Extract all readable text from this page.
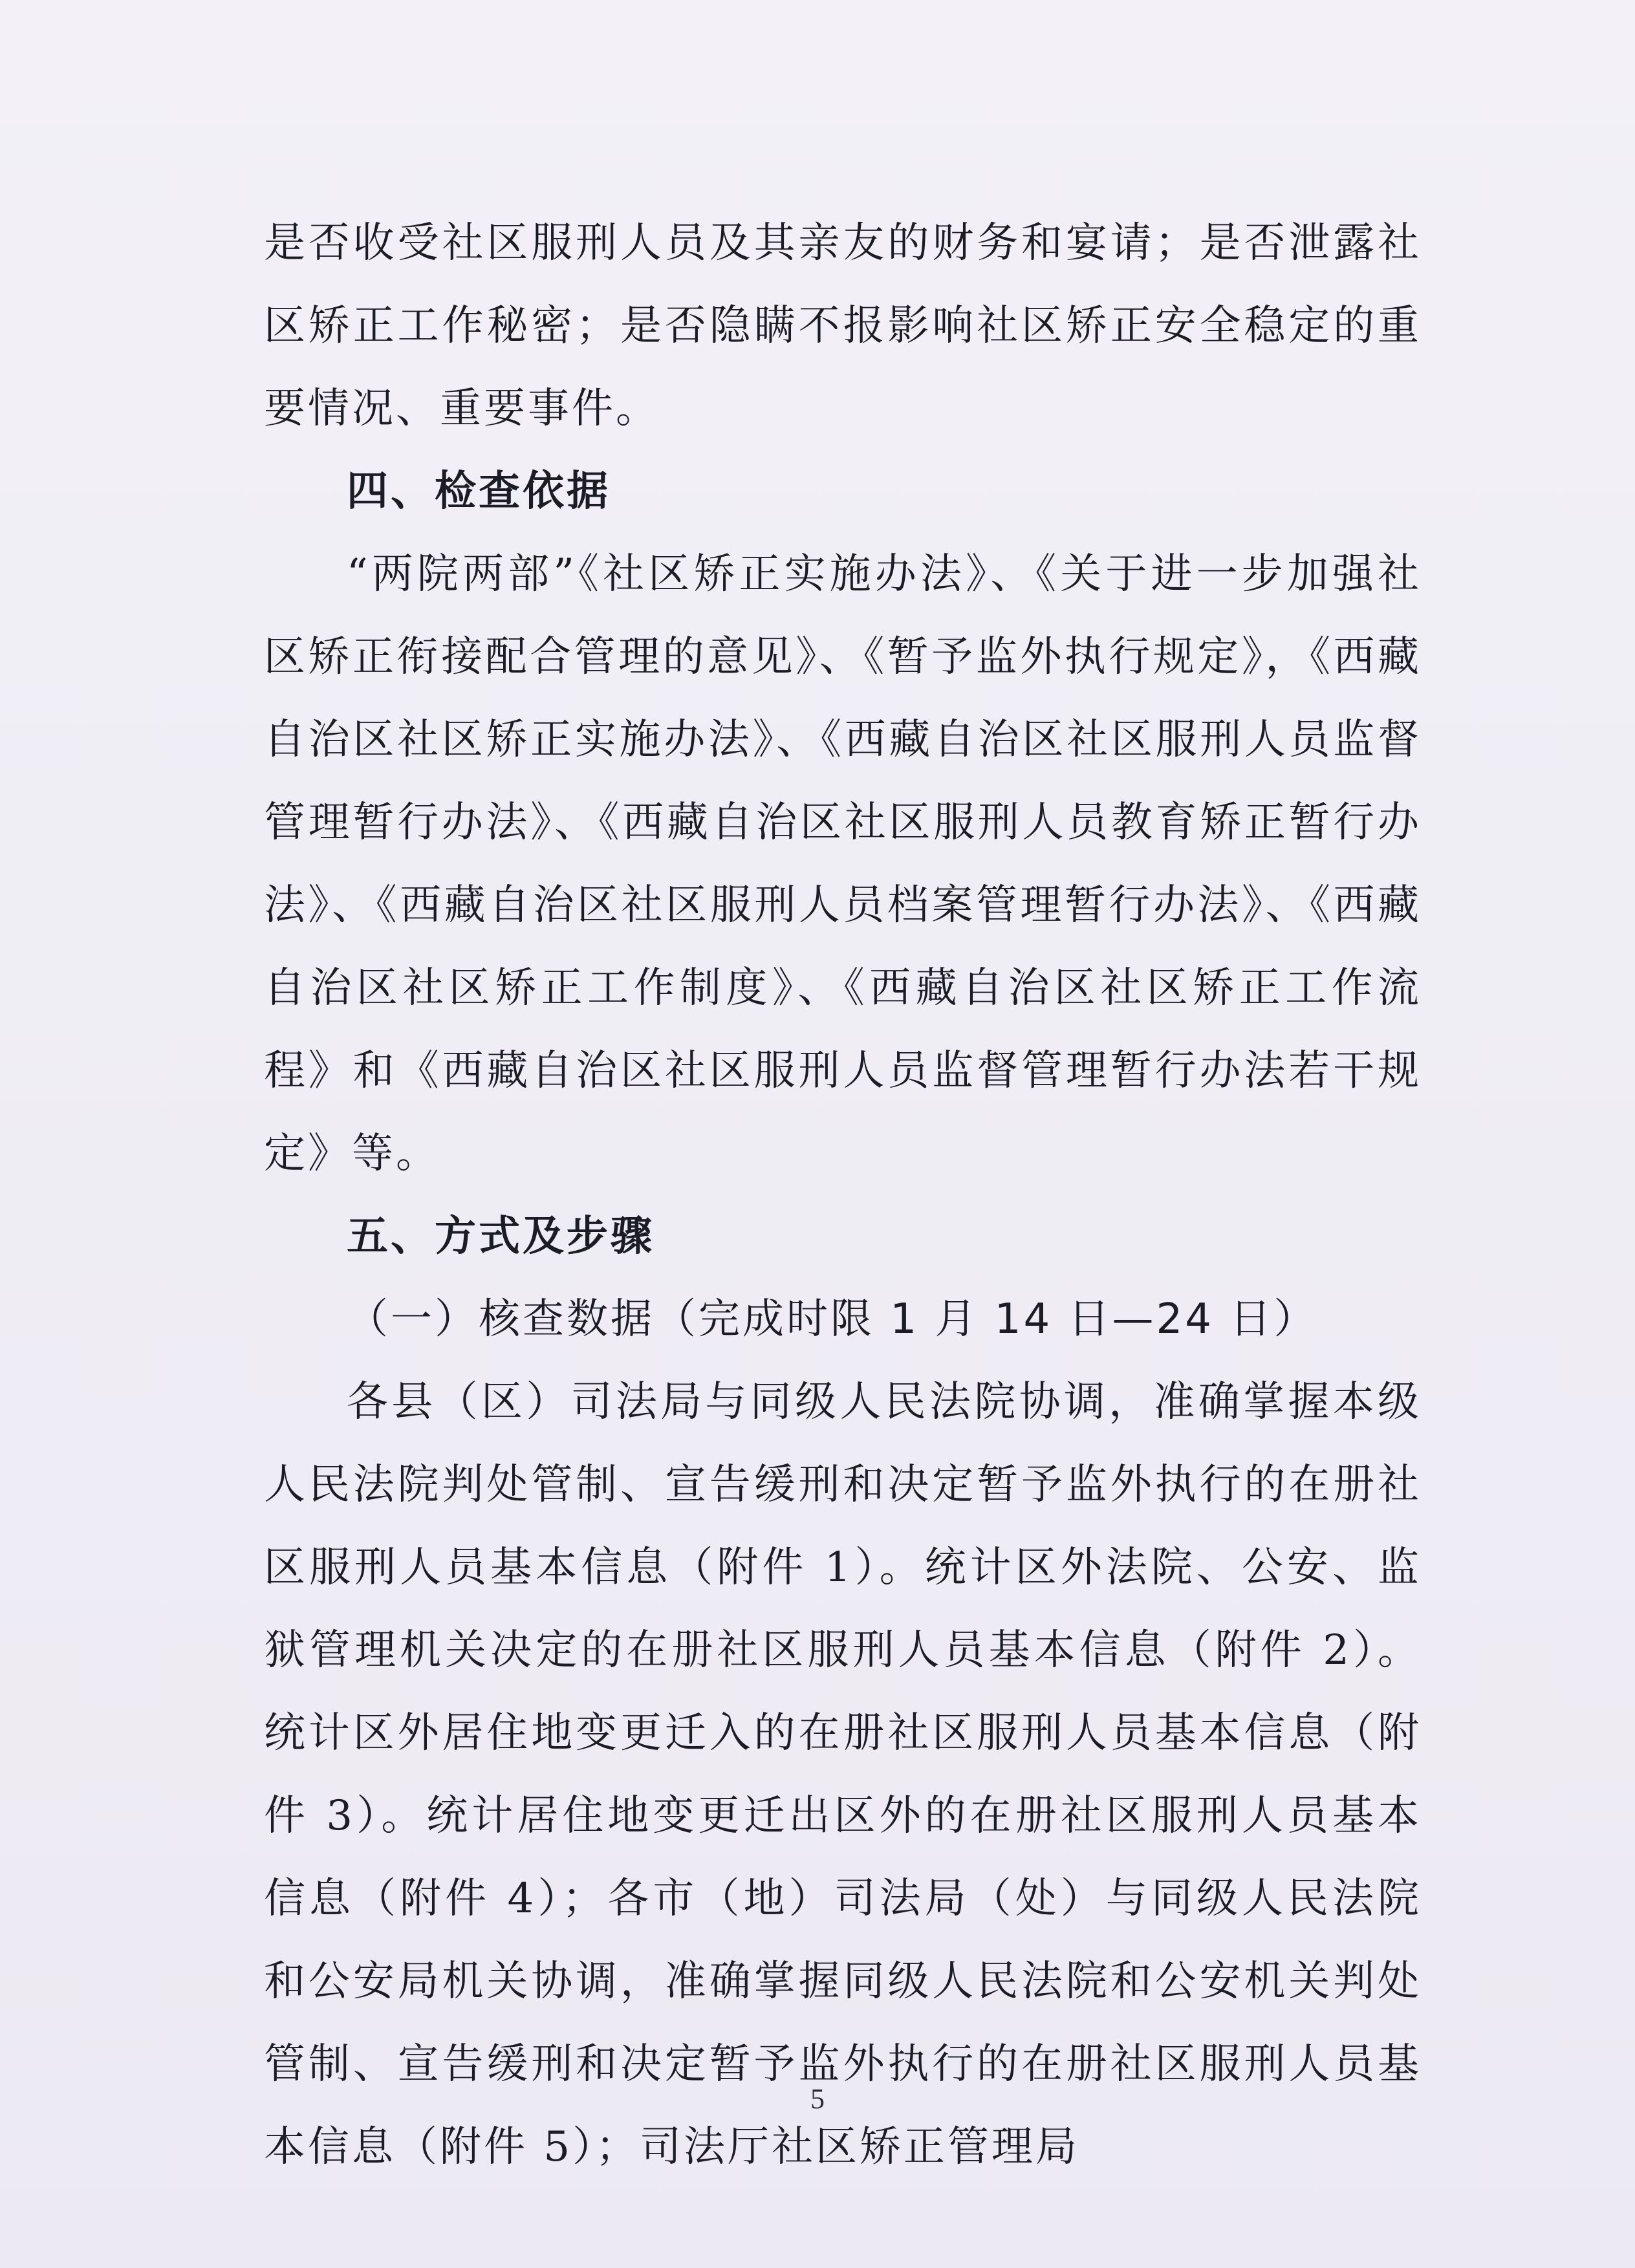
是否收受社区服刑人员及其亲友的财务和宴请；是否泄露社区矫正工作秘密；是否隐瞒不报影响社区矫正安全稳定的重要情况、重要事件。

四、检查依据

“两院两部”《社区矫正实施办法》、《关于进一步加强社区矫正衔接配合管理的意见》、《暂予监外执行规定》，《西藏自治区社区矫正实施办法》、《西藏自治区社区服刑人员监督管理暂行办法》、《西藏自治区社区服刑人员教育矫正暂行办法》、《西藏自治区社区服刑人员档案管理暂行办法》、《西藏自治区社区矫正工作制度》、《西藏自治区社区矫正工作流程》和《西藏自治区社区服刑人员监督管理暂行办法若干规定》等。

五、方式及步骤

（一）核查数据（完成时限 1 月 14 日—24 日）

各县（区）司法局与同级人民法院协调，准确掌握本级人民法院判处管制、宣告缓刑和决定暂予监外执行的在册社区服刑人员基本信息（附件 1）。统计区外法院、公安、监狱管理机关决定的在册社区服刑人员基本信息（附件 2）。统计区外居住地变更迁入的在册社区服刑人员基本信息（附件 3）。统计居住地变更迁出区外的在册社区服刑人员基本信息（附件 4）；各市（地）司法局（处）与同级人民法院和公安局机关协调，准确掌握同级人民法院和公安机关判处管制、宣告缓刑和决定暂予监外执行的在册社区服刑人员基本信息（附件 5）；司法厅社区矫正管理局

5
